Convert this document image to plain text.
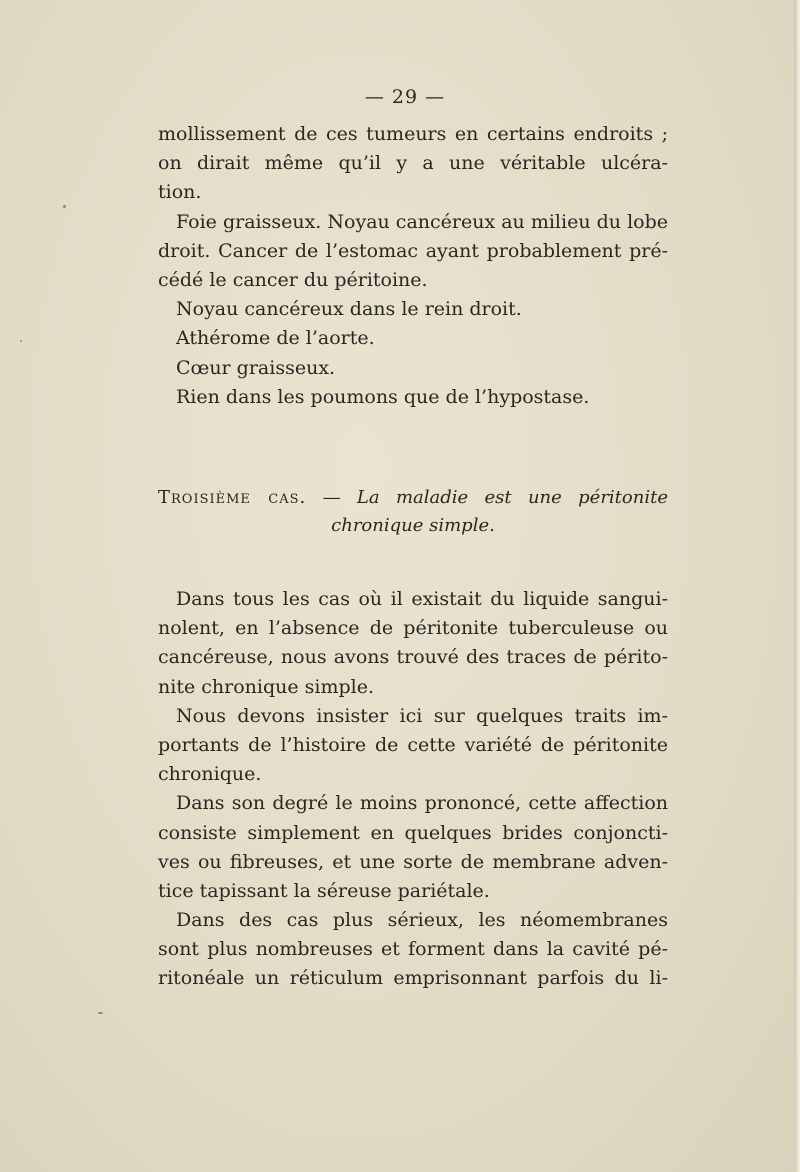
— 29 —
mollissement de ces tumeurs en certains endroits ;
on dirait même qu’il y a une véritable ulcéra-
tion.
Foie graisseux. Noyau cancéreux au milieu du lobe
droit. Cancer de l’estomac ayant probablement pré-
cédé le cancer du péritoine.
Noyau cancéreux dans le rein droit.
Athérome de l’aorte.
Cœur graisseux.
Rien dans les poumons que de l’hypostase.
Troisième cas. — La maladie est une péritonite
chronique simple.
Dans tous les cas où il existait du liquide sangui-
nolent, en l’absence de péritonite tuberculeuse ou
cancéreuse, nous avons trouvé des traces de périto-
nite chronique simple.
Nous devons insister ici sur quelques traits im-
portants de l’histoire de cette variété de péritonite
chronique.
Dans son degré le moins prononcé, cette affection
consiste simplement en quelques brides conjoncti-
ves ou fibreuses, et une sorte de membrane adven-
tice tapissant la séreuse pariétale.
Dans des cas plus sérieux, les néomembranes
sont plus nombreuses et forment dans la cavité pé-
ritonéale un réticulum emprisonnant parfois du li-
